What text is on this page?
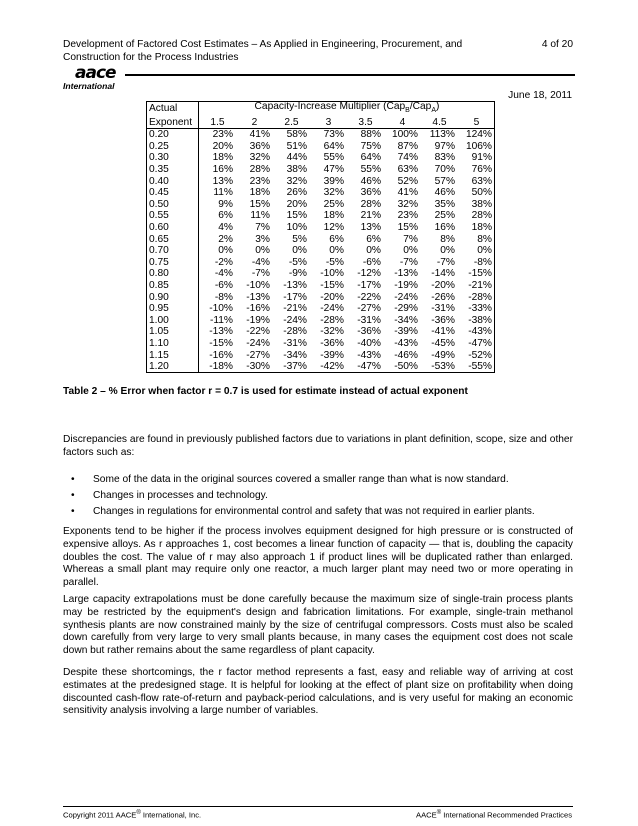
Development of Factored Cost Estimates – As Applied in Engineering, Procurement, and Construction for the Process Industries
4 of 20
aace
International
June 18, 2011
Actual	Capacity-Increase Multiplier (Cap$_B$/Cap$_A$)							
Exponent	1.5	2	2.5	3	3.5	4	4.5	5
0.20	23%	41%	58%	73%	88%	100%	113%	124%
0.25	20%	36%	51%	64%	75%	87%	97%	106%
0.30	18%	32%	44%	55%	64%	74%	83%	91%
0.35	16%	28%	38%	47%	55%	63%	70%	76%
0.40	13%	23%	32%	39%	46%	52%	57%	63%
0.45	11%	18%	26%	32%	36%	41%	46%	50%
0.50	9%	15%	20%	25%	28%	32%	35%	38%
0.55	6%	11%	15%	18%	21%	23%	25%	28%
0.60	4%	7%	10%	12%	13%	15%	16%	18%
0.65	2%	3%	5%	6%	6%	7%	8%	8%
0.70	0%	0%	0%	0%	0%	0%	0%	0%
0.75	-2%	-4%	-5%	-5%	-6%	-7%	-7%	-8%
0.80	-4%	-7%	-9%	-10%	-12%	-13%	-14%	-15%
0.85	-6%	-10%	-13%	-15%	-17%	-19%	-20%	-21%
0.90	-8%	-13%	-17%	-20%	-22%	-24%	-26%	-28%
0.95	-10%	-16%	-21%	-24%	-27%	-29%	-31%	-33%
1.00	-11%	-19%	-24%	-28%	-31%	-34%	-36%	-38%
1.05	-13%	-22%	-28%	-32%	-36%	-39%	-41%	-43%
1.10	-15%	-24%	-31%	-36%	-40%	-43%	-45%	-47%
1.15	-16%	-27%	-34%	-39%	-43%	-46%	-49%	-52%
1.20	-18%	-30%	-37%	-42%	-47%	-50%	-53%	-55%
Table 2 – % Error when factor r = 0.7 is used for estimate instead of actual exponent

Discrepancies are found in previously published factors due to variations in plant definition, scope, size and other factors such as:

• Some of the data in the original sources covered a smaller range than what is now standard.
• Changes in processes and technology.
• Changes in regulations for environmental control and safety that was not required in earlier plants.

Exponents tend to be higher if the process involves equipment designed for high pressure or is constructed of expensive alloys. As r approaches 1, cost becomes a linear function of capacity — that is, doubling the capacity doubles the cost. The value of r may also approach 1 if product lines will be duplicated rather than enlarged. Whereas a small plant may require only one reactor, a much larger plant may need two or more operating in parallel.

Large capacity extrapolations must be done carefully because the maximum size of single-train process plants may be restricted by the equipment's design and fabrication limitations. For example, single-train methanol synthesis plants are now constrained mainly by the size of centrifugal compressors. Costs must also be scaled down carefully from very large to very small plants because, in many cases the equipment cost does not scale down but rather remains about the same regardless of plant capacity.

Despite these shortcomings, the r factor method represents a fast, easy and reliable way of arriving at cost estimates at the predesigned stage. It is helpful for looking at the effect of plant size on profitability when doing discounted cash-flow rate-of-return and payback-period calculations, and is very useful for making an economic sensitivity analysis involving a large number of variables.

Copyright 2011 AACE® International, Inc.	AACE® International Recommended Practices
